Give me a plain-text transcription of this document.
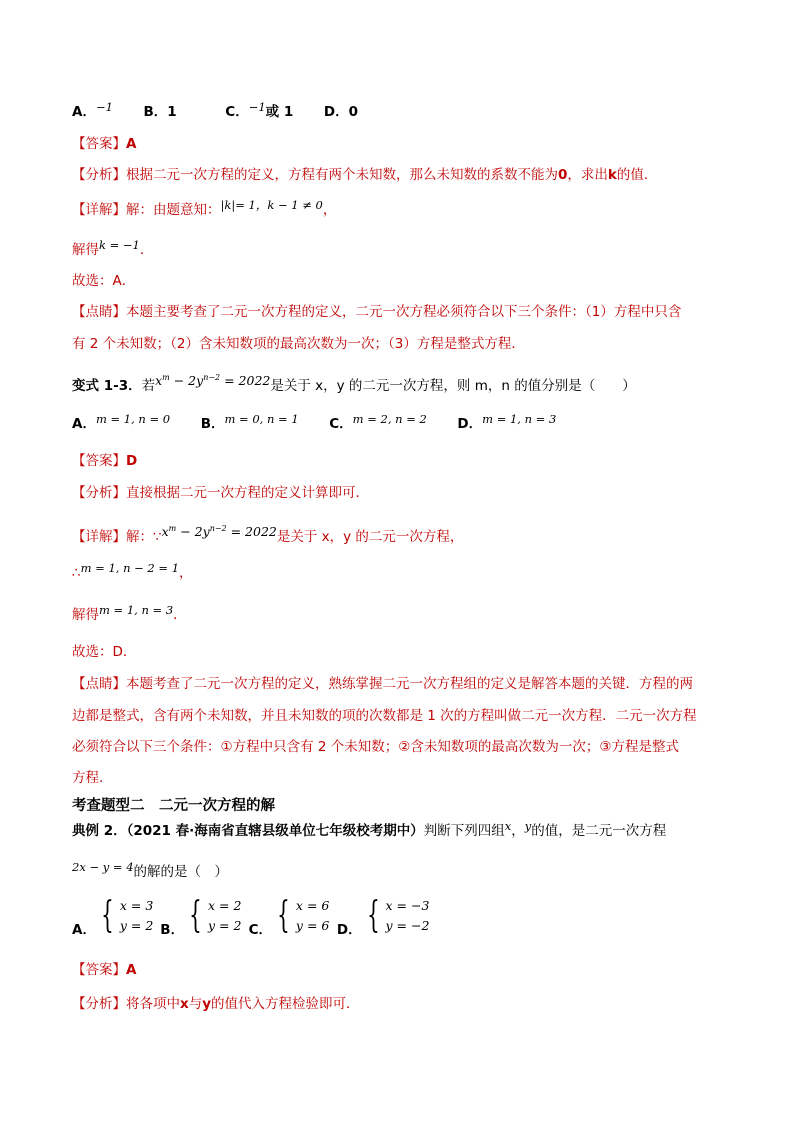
A．−1 B．1	C．−1或 1 D．0
【答案】A
【分析】根据二元一次方程的定义，方程有两个未知数，那么未知数的系数不能为0，求出k的值．
【详解】解：由题意知：|k|= 1，k − 1 ≠ 0，
解得k = −1．
故选：A．
【点睛】本题主要考查了二元一次方程的定义，二元一次方程必须符合以下三个条件：（1）方程中只含
有 2 个未知数；（2）含未知数项的最高次数为一次；（3）方程是整式方程．
变式 1-3．若$x^m - 2y^{n-2} = 2022$是关于 x，y 的二元一次方程，则 m，n 的值分别是（　　）
A．m = 1, n = 0 B．m = 0, n = 1 C．m = 2, n = 2 D．m = 1, n = 3
【答案】D
【分析】直接根据二元一次方程的定义计算即可．
【详解】解：$\because x^m - 2y^{n-2} = 2022$是关于 x，y 的二元一次方程，
∴m = 1, n − 2 = 1，
解得m = 1, n = 3．
故选：D．
【点睛】本题考查了二元一次方程的定义，熟练掌握二元一次方程组的定义是解答本题的关键．方程的两
边都是整式，含有两个未知数，并且未知数的项的次数都是 1 次的方程叫做二元一次方程．二元一次方程
必须符合以下三个条件：①方程中只含有 2 个未知数；②含未知数项的最高次数为一次；③方程是整式
方程．
考查题型二　二元一次方程的解
典例 2．（2021 春·海南省直辖县级单位七年级校考期中）判断下列四组x，y的值，是二元一次方程
2x − y = 4的解的是（　）
A． { x = 3
y = 2 B． { x = 2
y = 2 C． { x = 6
y = 6 D． { x = −3
y = −2
【答案】A
【分析】将各项中x与y的值代入方程检验即可．
